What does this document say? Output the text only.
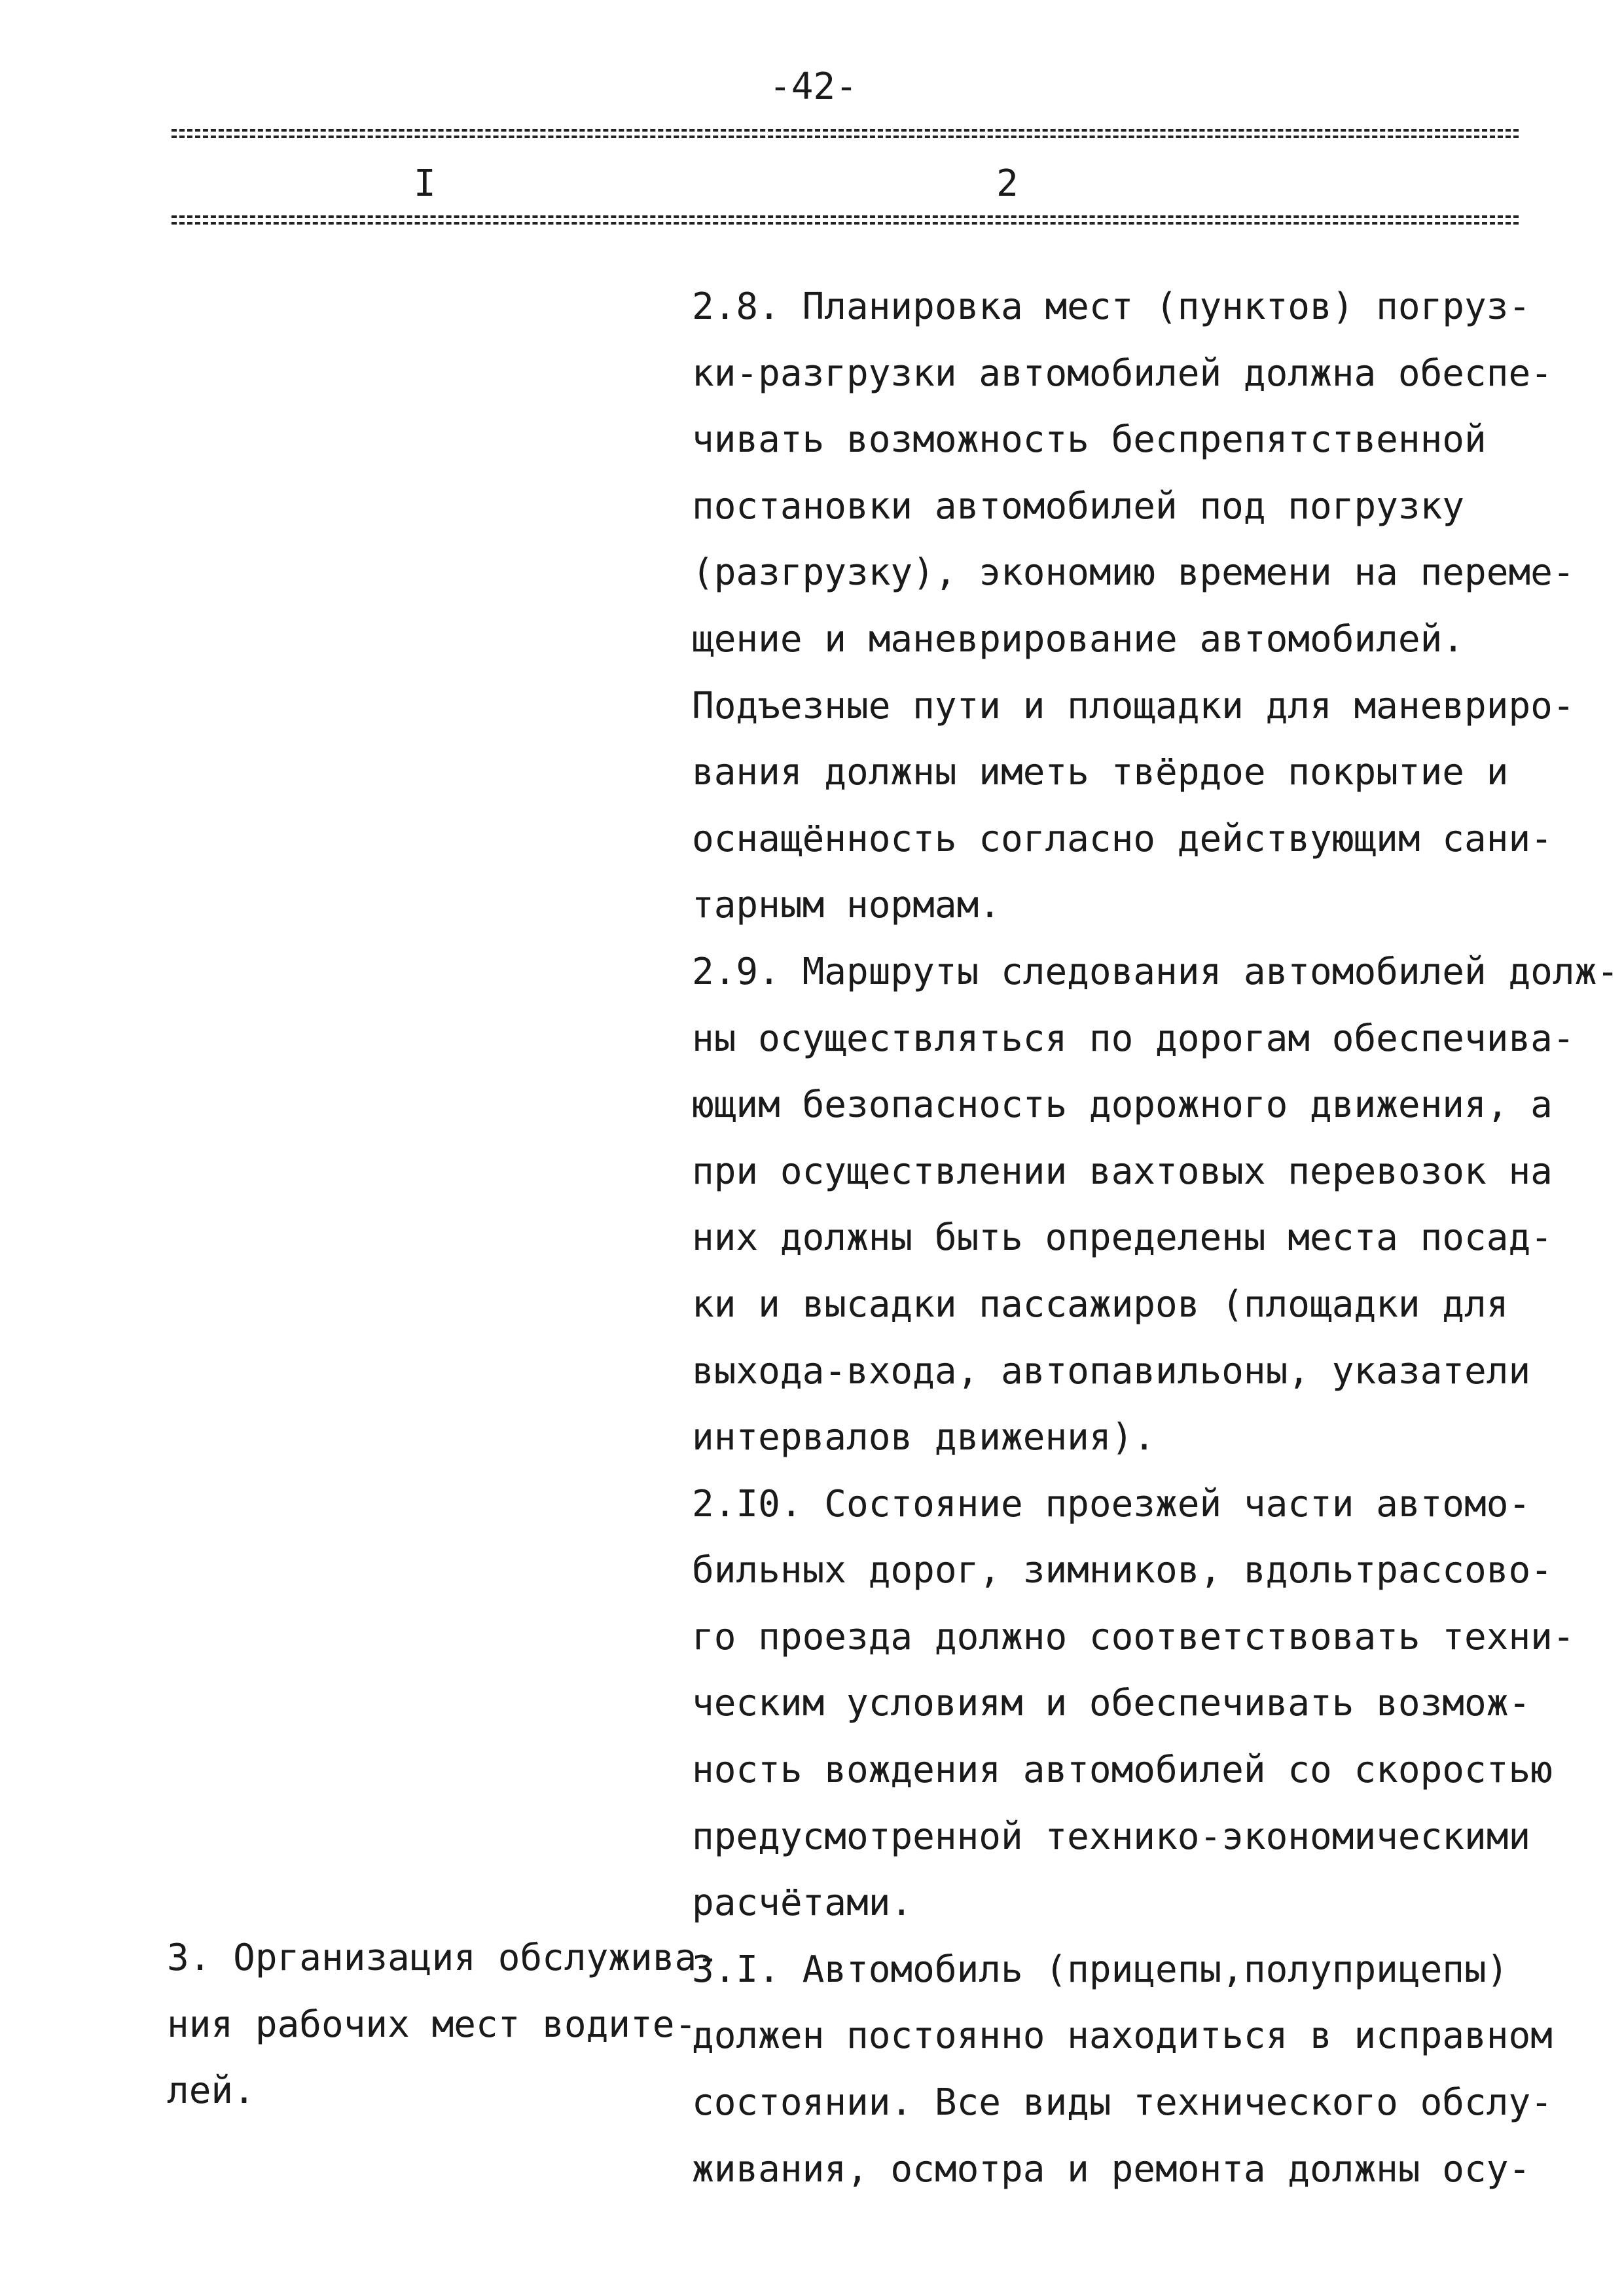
-42-
I	2
2.8. Планировка мест (пунктов) погруз-
ки-разгрузки автомобилей должна обеспе-
чивать возможность беспрепятственной
постановки автомобилей под погрузку
(разгрузку), экономию времени на переме-
щение и маневрирование автомобилей.
Подъезные пути и площадки для маневриро-
вания должны иметь твёрдое покрытие и
оснащённость согласно действующим сани-
тарным нормам.
2.9. Маршруты следования автомобилей долж-
ны осуществляться по дорогам обеспечива-
ющим безопасность дорожного движения, а
при осуществлении вахтовых перевозок на
них должны быть определены места посад-
ки и высадки пассажиров (площадки для
выхода-входа, автопавильоны, указатели
интервалов движения).
2.I0. Состояние проезжей части автомо-
бильных дорог, зимников, вдольтрассово-
го проезда должно соответствовать техни-
ческим условиям и обеспечивать возмож-
ность вождения автомобилей со скоростью
предусмотренной технико-экономическими
расчётами.
3.I. Автомобиль (прицепы,полуприцепы)
должен постоянно находиться в исправном
состоянии. Все виды технического обслу-
живания, осмотра и ремонта должны осу-
3. Организация обслужива-
ния рабочих мест водите-
лей.
